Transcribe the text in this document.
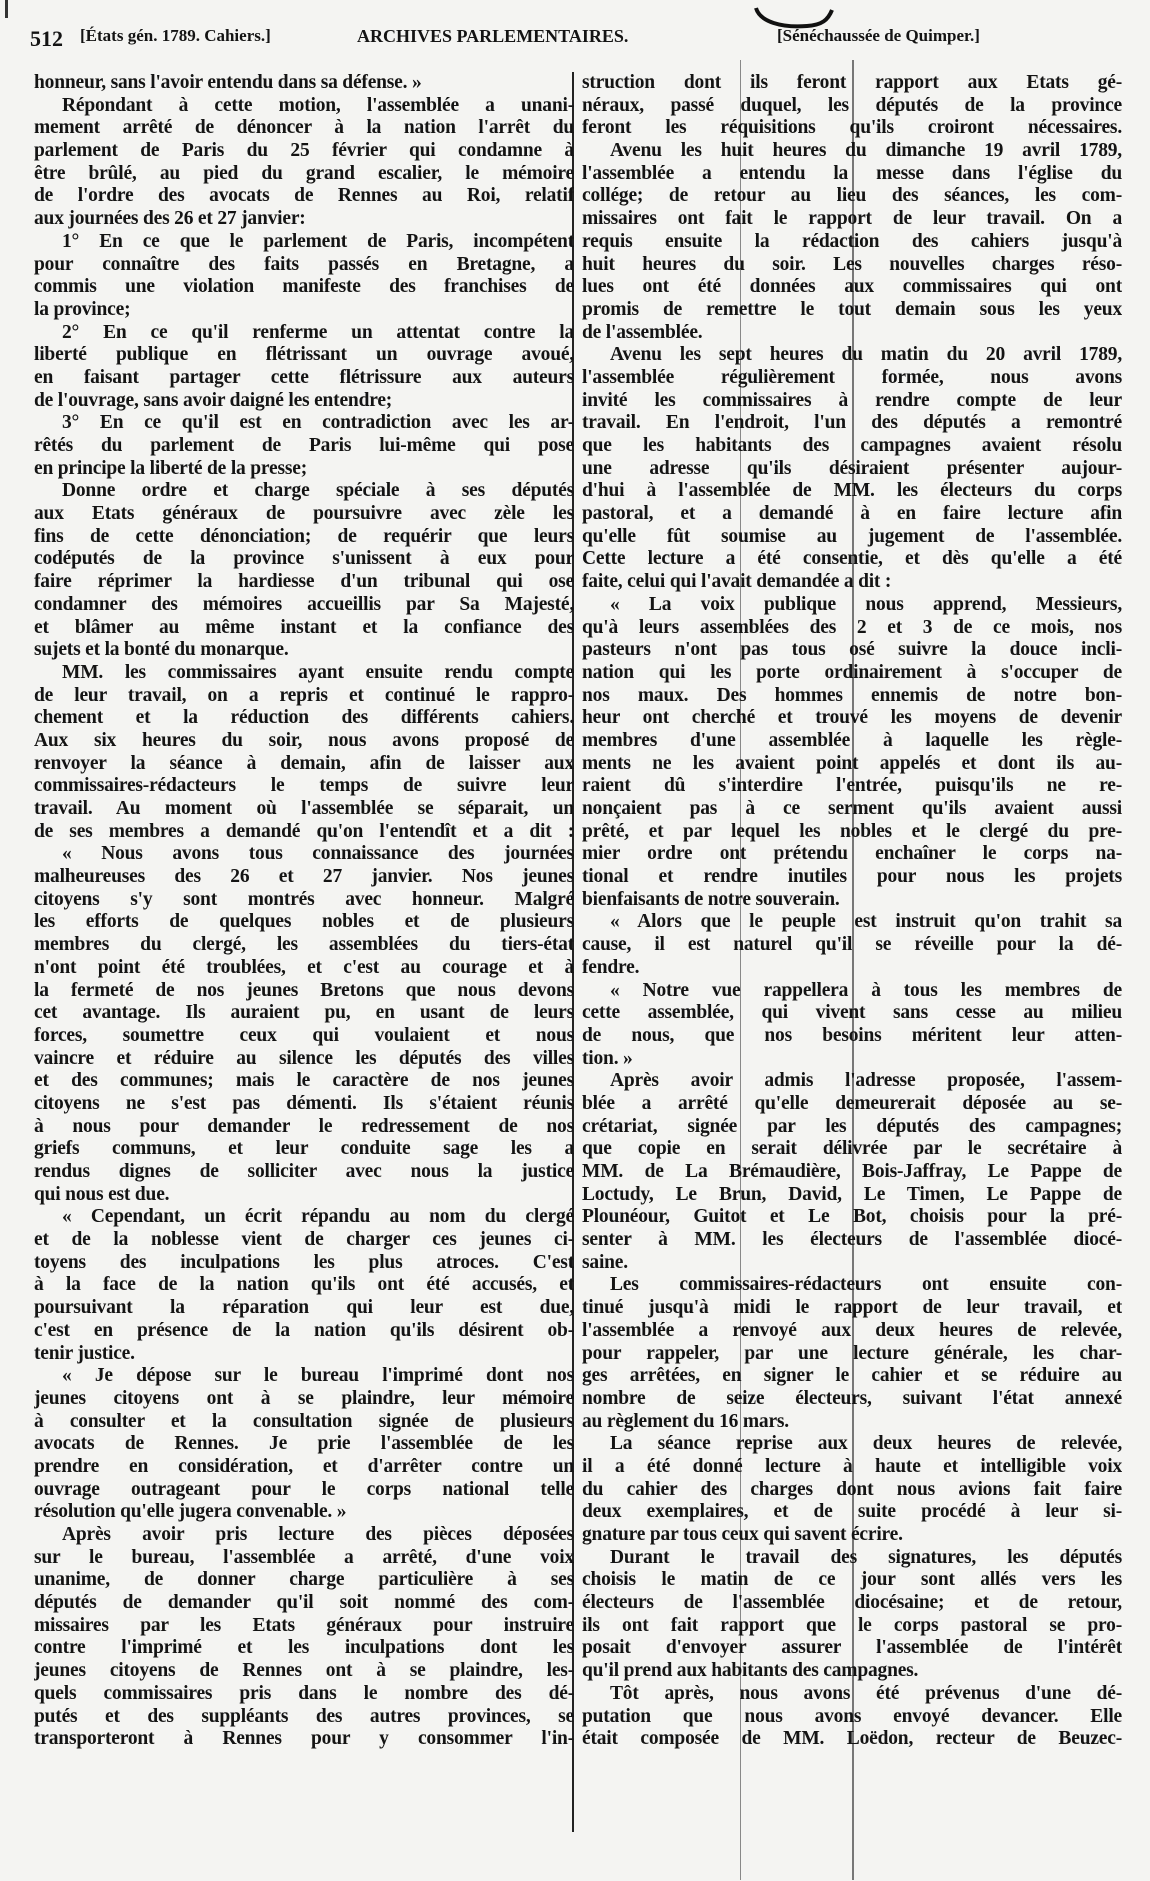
512 [États gén. 1789. Cahiers.]	ARCHIVES PARLEMENTAIRES.	[Sénéchaussée de Quimper.]
honneur, sans l'avoir entendu dans sa défense. »
Répondant à cette motion, l'assemblée a unani-
mement arrêté de dénoncer à la nation l'arrêt du
parlement de Paris du 25 février qui condamne à
être brûlé, au pied du grand escalier, le mémoire
de l'ordre des avocats de Rennes au Roi, relatif
aux journées des 26 et 27 janvier:
1° En ce que le parlement de Paris, incompétent
pour connaître des faits passés en Bretagne, a
commis une violation manifeste des franchises de
la province;
2° En ce qu'il renferme un attentat contre la
liberté publique en flétrissant un ouvrage avoué,
en faisant partager cette flétrissure aux auteurs
de l'ouvrage, sans avoir daigné les entendre;
3° En ce qu'il est en contradiction avec les ar-
rêtés du parlement de Paris lui-même qui pose
en principe la liberté de la presse;
Donne ordre et charge spéciale à ses députés
aux Etats généraux de poursuivre avec zèle les
fins de cette dénonciation; de requérir que leurs
codéputés de la province s'unissent à eux pour
faire réprimer la hardiesse d'un tribunal qui ose
condamner des mémoires accueillis par Sa Majesté,
et blâmer au même instant et la confiance des
sujets et la bonté du monarque.
MM. les commissaires ayant ensuite rendu compte
de leur travail, on a repris et continué le rappro-
chement et la réduction des différents cahiers.
Aux six heures du soir, nous avons proposé de
renvoyer la séance à demain, afin de laisser aux
commissaires-rédacteurs le temps de suivre leur
travail. Au moment où l'assemblée se séparait, un
de ses membres a demandé qu'on l'entendît et a dit :
« Nous avons tous connaissance des journées
malheureuses des 26 et 27 janvier. Nos jeunes
citoyens s'y sont montrés avec honneur. Malgré
les efforts de quelques nobles et de plusieurs
membres du clergé, les assemblées du tiers-état
n'ont point été troublées, et c'est au courage et à
la fermeté de nos jeunes Bretons que nous devons
cet avantage. Ils auraient pu, en usant de leurs
forces, soumettre ceux qui voulaient et nous
vaincre et réduire au silence les députés des villes
et des communes; mais le caractère de nos jeunes
citoyens ne s'est pas démenti. Ils s'étaient réunis
à nous pour demander le redressement de nos
griefs communs, et leur conduite sage les a
rendus dignes de solliciter avec nous la justice
qui nous est due.
« Cependant, un écrit répandu au nom du clergé
et de la noblesse vient de charger ces jeunes ci-
toyens des inculpations les plus atroces. C'est
à la face de la nation qu'ils ont été accusés, et
poursuivant la réparation qui leur est due,
c'est en présence de la nation qu'ils désirent ob-
tenir justice.
« Je dépose sur le bureau l'imprimé dont nos
jeunes citoyens ont à se plaindre, leur mémoire
à consulter et la consultation signée de plusieurs
avocats de Rennes. Je prie l'assemblée de les
prendre en considération, et d'arrêter contre un
ouvrage outrageant pour le corps national telle
résolution qu'elle jugera convenable. »
Après avoir pris lecture des pièces déposées
sur le bureau, l'assemblée a arrêté, d'une voix
unanime, de donner charge particulière à ses
députés de demander qu'il soit nommé des com-
missaires par les Etats généraux pour instruire
contre l'imprimé et les inculpations dont les
jeunes citoyens de Rennes ont à se plaindre, les-
quels commissaires pris dans le nombre des dé-
putés et des suppléants des autres provinces, se
transporteront à Rennes pour y consommer l'in-
struction dont ils feront rapport aux Etats gé-
néraux, passé duquel, les députés de la province
feront les réquisitions qu'ils croiront nécessaires.
Avenu les huit heures du dimanche 19 avril 1789,
l'assemblée a entendu la messe dans l'église du
collége; de retour au lieu des séances, les com-
missaires ont fait le rapport de leur travail. On a
requis ensuite la rédaction des cahiers jusqu'à
huit heures du soir. Les nouvelles charges réso-
lues ont été données aux commissaires qui ont
promis de remettre le tout demain sous les yeux
de l'assemblée.
Avenu les sept heures du matin du 20 avril 1789,
l'assemblée régulièrement formée, nous avons
invité les commissaires à rendre compte de leur
travail. En l'endroit, l'un des députés a remontré
que les habitants des campagnes avaient résolu
une adresse qu'ils désiraient présenter aujour-
d'hui à l'assemblée de MM. les électeurs du corps
pastoral, et a demandé à en faire lecture afin
qu'elle fût soumise au jugement de l'assemblée.
Cette lecture a été consentie, et dès qu'elle a été
faite, celui qui l'avait demandée a dit :
« La voix publique nous apprend, Messieurs,
qu'à leurs assemblées des 2 et 3 de ce mois, nos
pasteurs n'ont pas tous osé suivre la douce incli-
nation qui les porte ordinairement à s'occuper de
nos maux. Des hommes ennemis de notre bon-
heur ont cherché et trouvé les moyens de devenir
membres d'une assemblée à laquelle les règle-
ments ne les avaient point appelés et dont ils au-
raient dû s'interdire l'entrée, puisqu'ils ne re-
nonçaient pas à ce serment qu'ils avaient aussi
prêté, et par lequel les nobles et le clergé du pre-
mier ordre ont prétendu enchaîner le corps na-
tional et rendre inutiles pour nous les projets
bienfaisants de notre souverain.
« Alors que le peuple est instruit qu'on trahit sa
cause, il est naturel qu'il se réveille pour la dé-
fendre.
« Notre vue rappellera à tous les membres de
cette assemblée, qui vivent sans cesse au milieu
de nous, que nos besoins méritent leur atten-
tion. »
Après avoir admis l'adresse proposée, l'assem-
blée a arrêté qu'elle demeurerait déposée au se-
crétariat, signée par les députés des campagnes;
que copie en serait délivrée par le secrétaire à
MM. de La Brémaudière, Bois-Jaffray, Le Pappe de
Loctudy, Le Brun, David, Le Timen, Le Pappe de
Plounéour, Guitot et Le Bot, choisis pour la pré-
senter à MM. les électeurs de l'assemblée diocé-
saine.
Les commissaires-rédacteurs ont ensuite con-
tinué jusqu'à midi le rapport de leur travail, et
l'assemblée a renvoyé aux deux heures de relevée,
pour rappeler, par une lecture générale, les char-
ges arrêtées, en signer le cahier et se réduire au
nombre de seize électeurs, suivant l'état annexé
au règlement du 16 mars.
La séance reprise aux deux heures de relevée,
il a été donné lecture à haute et intelligible voix
du cahier des charges dont nous avions fait faire
deux exemplaires, et de suite procédé à leur si-
gnature par tous ceux qui savent écrire.
Durant le travail des signatures, les députés
choisis le matin de ce jour sont allés vers les
électeurs de l'assemblée diocésaine; et de retour,
ils ont fait rapport que le corps pastoral se pro-
posait d'envoyer assurer l'assemblée de l'intérêt
qu'il prend aux habitants des campagnes.
Tôt après, nous avons été prévenus d'une dé-
putation que nous avons envoyé devancer. Elle
était composée de MM. Loëdon, recteur de Beuzec-
